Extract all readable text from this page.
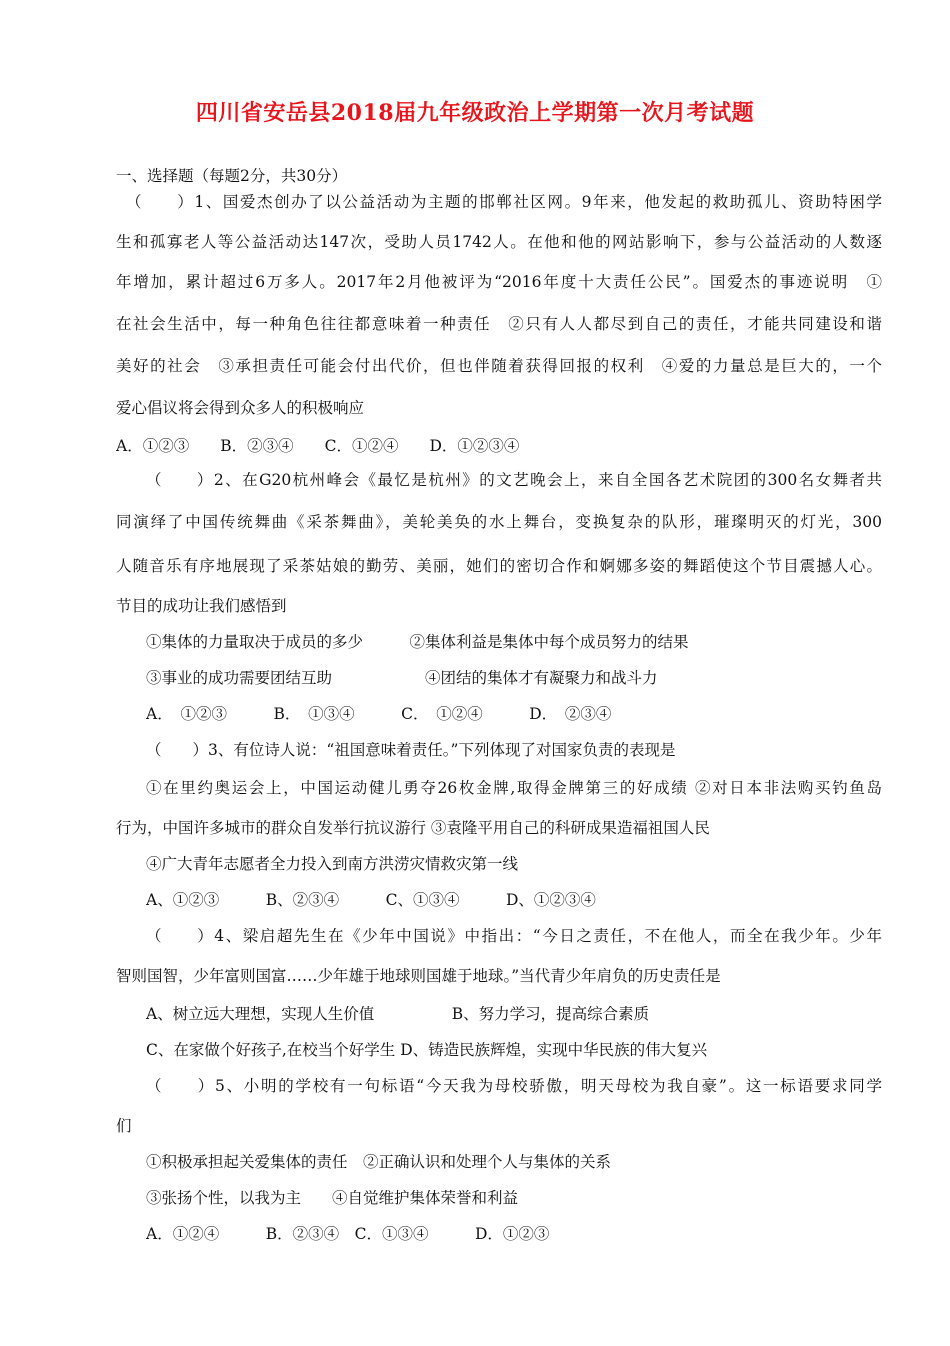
四川省安岳县2018届九年级政治上学期第一次月考试题
一、选择题（每题2分，共30分）
（　　）1、国爱杰创办了以公益活动为主题的邯郸社区网。9年来，他发起的救助孤儿、资助特困学
生和孤寡老人等公益活动达147次，受助人员1742人。在他和他的网站影响下，参与公益活动的人数逐
年增加，累计超过6万多人。2017年2月他被评为“2016年度十大责任公民”。国爱杰的事迹说明　①
在社会生活中，每一种角色往往都意味着一种责任　②只有人人都尽到自己的责任，才能共同建设和谐
美好的社会　③承担责任可能会付出代价，但也伴随着获得回报的权利　④爱的力量总是巨大的，一个
爱心倡议将会得到众多人的积极响应
A．①②③　　B．②③④　　C．①②④　　D．①②③④
（　　）2、在G20杭州峰会《最忆是杭州》的文艺晚会上，来自全国各艺术院团的300名女舞者共
同演绎了中国传统舞曲《采茶舞曲》，美轮美奂的水上舞台，变换复杂的队形，璀璨明灭的灯光，300
人随音乐有序地展现了采茶姑娘的勤劳、美丽，她们的密切合作和婀娜多姿的舞蹈使这个节目震撼人心。
节目的成功让我们感悟到
①集体的力量取决于成员的多少　　　②集体利益是集体中每个成员努力的结果
③事业的成功需要团结互助　　　　　　④团结的集体才有凝聚力和战斗力
A．　①②③　　　B．　①③④　　　C．　①②④　　　D．　②③④
（　　）3、有位诗人说：“祖国意味着责任。”下列体现了对国家负责的表现是
①在里约奥运会上，中国运动健儿勇夺26枚金牌,取得金牌第三的好成绩 ②对日本非法购买钓鱼岛
行为，中国许多城市的群众自发举行抗议游行 ③袁隆平用自己的科研成果造福祖国人民
④广大青年志愿者全力投入到南方洪涝灾情救灾第一线
A、①②③　　　B、②③④　　　C、①③④　　　D、①②③④
（　　）4、梁启超先生在《少年中国说》中指出：“今日之责任，不在他人，而全在我少年。少年
智则国智，少年富则国富……少年雄于地球则国雄于地球。”当代青少年肩负的历史责任是
A、树立远大理想，实现人生价值　　　　　B、努力学习，提高综合素质
C、在家做个好孩子,在校当个好学生 D、铸造民族辉煌，实现中华民族的伟大复兴
（　　）5、小明的学校有一句标语“今天我为母校骄傲，明天母校为我自豪”。这一标语要求同学
们
①积极承担起关爱集体的责任　②正确认识和处理个人与集体的关系
③张扬个性，以我为主　　④自觉维护集体荣誉和利益
A．①②④　　　B．②③④　C．①③④　　　D．①②③
